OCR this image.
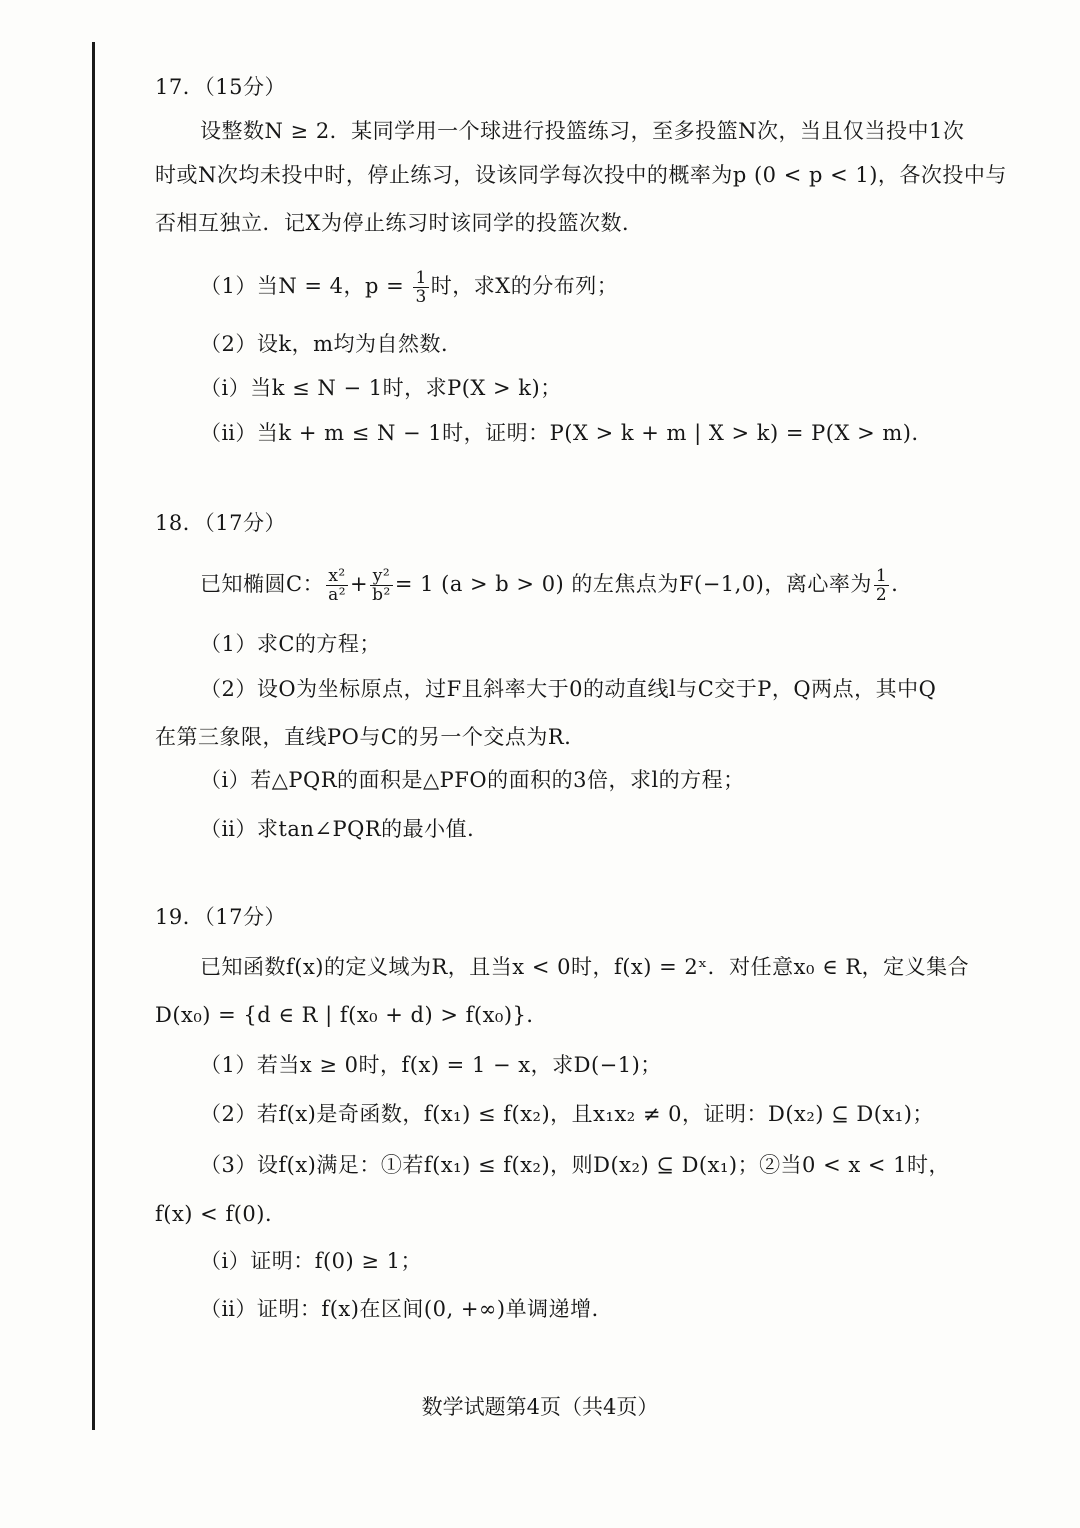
17．（15分）
设整数N ≥ 2．某同学用一个球进行投篮练习，至多投篮N次，当且仅当投中1次
时或N次均未投中时，停止练习，设该同学每次投中的概率为p (0 < p < 1)，各次投中与
否相互独立．记X为停止练习时该同学的投篮次数．
（1）当N = 4，$p = \frac{1}{3}$ 时，求X的分布列；
（2）设k，m均为自然数．
（ⅰ）当k ≤ N − 1时，求P(X > k)；
（ⅱ）当k + m ≤ N − 1时，证明：P(X > k + m | X > k) = P(X > m)．
18．（17分）
已知椭圆C： $\frac{\text{x²}}{\text{a²}} + \frac{\text{y²}}{\text{b²}} = 1$ (a > b > 0) 的左焦点为F(−1,0)，离心率为 $\frac{1}{2}$ ．
（1）求C的方程；
（2）设O为坐标原点，过F且斜率大于0的动直线l与C交于P，Q两点，其中Q
在第三象限，直线PO与C的另一个交点为R．
（ⅰ）若△PQR的面积是△PFO的面积的3倍，求l的方程；
（ⅱ）求tan∠PQR的最小值．
19．（17分）
已知函数f(x)的定义域为R，且当x < 0时，f(x) = 2ˣ．对任意x₀ ∈ R，定义集合
D(x₀) = {d ∈ R | f(x₀ + d) > f(x₀)}．
（1）若当x ≥ 0时，f(x) = 1 − x，求D(−1)；
（2）若f(x)是奇函数，f(x₁) ≤ f(x₂)，且x₁x₂ ≠ 0，证明：D(x₂) ⊆ D(x₁)；
（3）设f(x)满足：①若f(x₁) ≤ f(x₂)，则D(x₂) ⊆ D(x₁)；②当0 < x < 1时，
f(x) < f(0)．
（ⅰ）证明：f(0) ≥ 1；
（ⅱ）证明：f(x)在区间(0, +∞)单调递增．
数学试题第4页（共4页）
